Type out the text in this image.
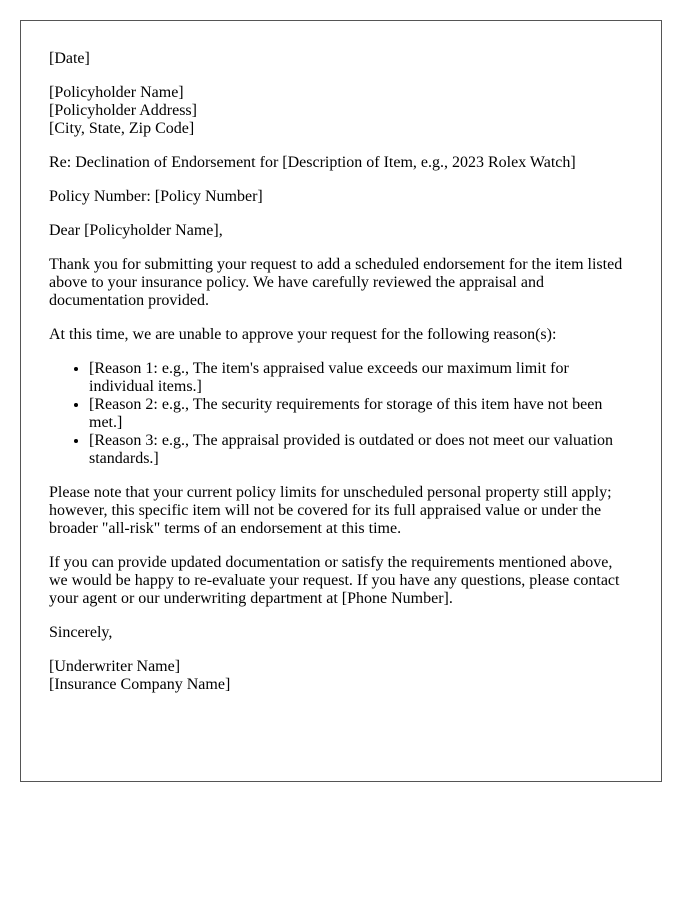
[Date]

[Policyholder Name]
[Policyholder Address]
[City, State, Zip Code]

Re: Declination of Endorsement for [Description of Item, e.g., 2023 Rolex Watch]

Policy Number: [Policy Number]

Dear [Policyholder Name],

Thank you for submitting your request to add a scheduled endorsement for the item listed above to your insurance policy. We have carefully reviewed the appraisal and documentation provided.

At this time, we are unable to approve your request for the following reason(s):

• [Reason 1: e.g., The item's appraised value exceeds our maximum limit for individual items.]
• [Reason 2: e.g., The security requirements for storage of this item have not been met.]
• [Reason 3: e.g., The appraisal provided is outdated or does not meet our valuation standards.]

Please note that your current policy limits for unscheduled personal property still apply; however, this specific item will not be covered for its full appraised value or under the broader "all-risk" terms of an endorsement at this time.

If you can provide updated documentation or satisfy the requirements mentioned above, we would be happy to re-evaluate your request. If you have any questions, please contact your agent or our underwriting department at [Phone Number].

Sincerely,

[Underwriter Name]
[Insurance Company Name]
